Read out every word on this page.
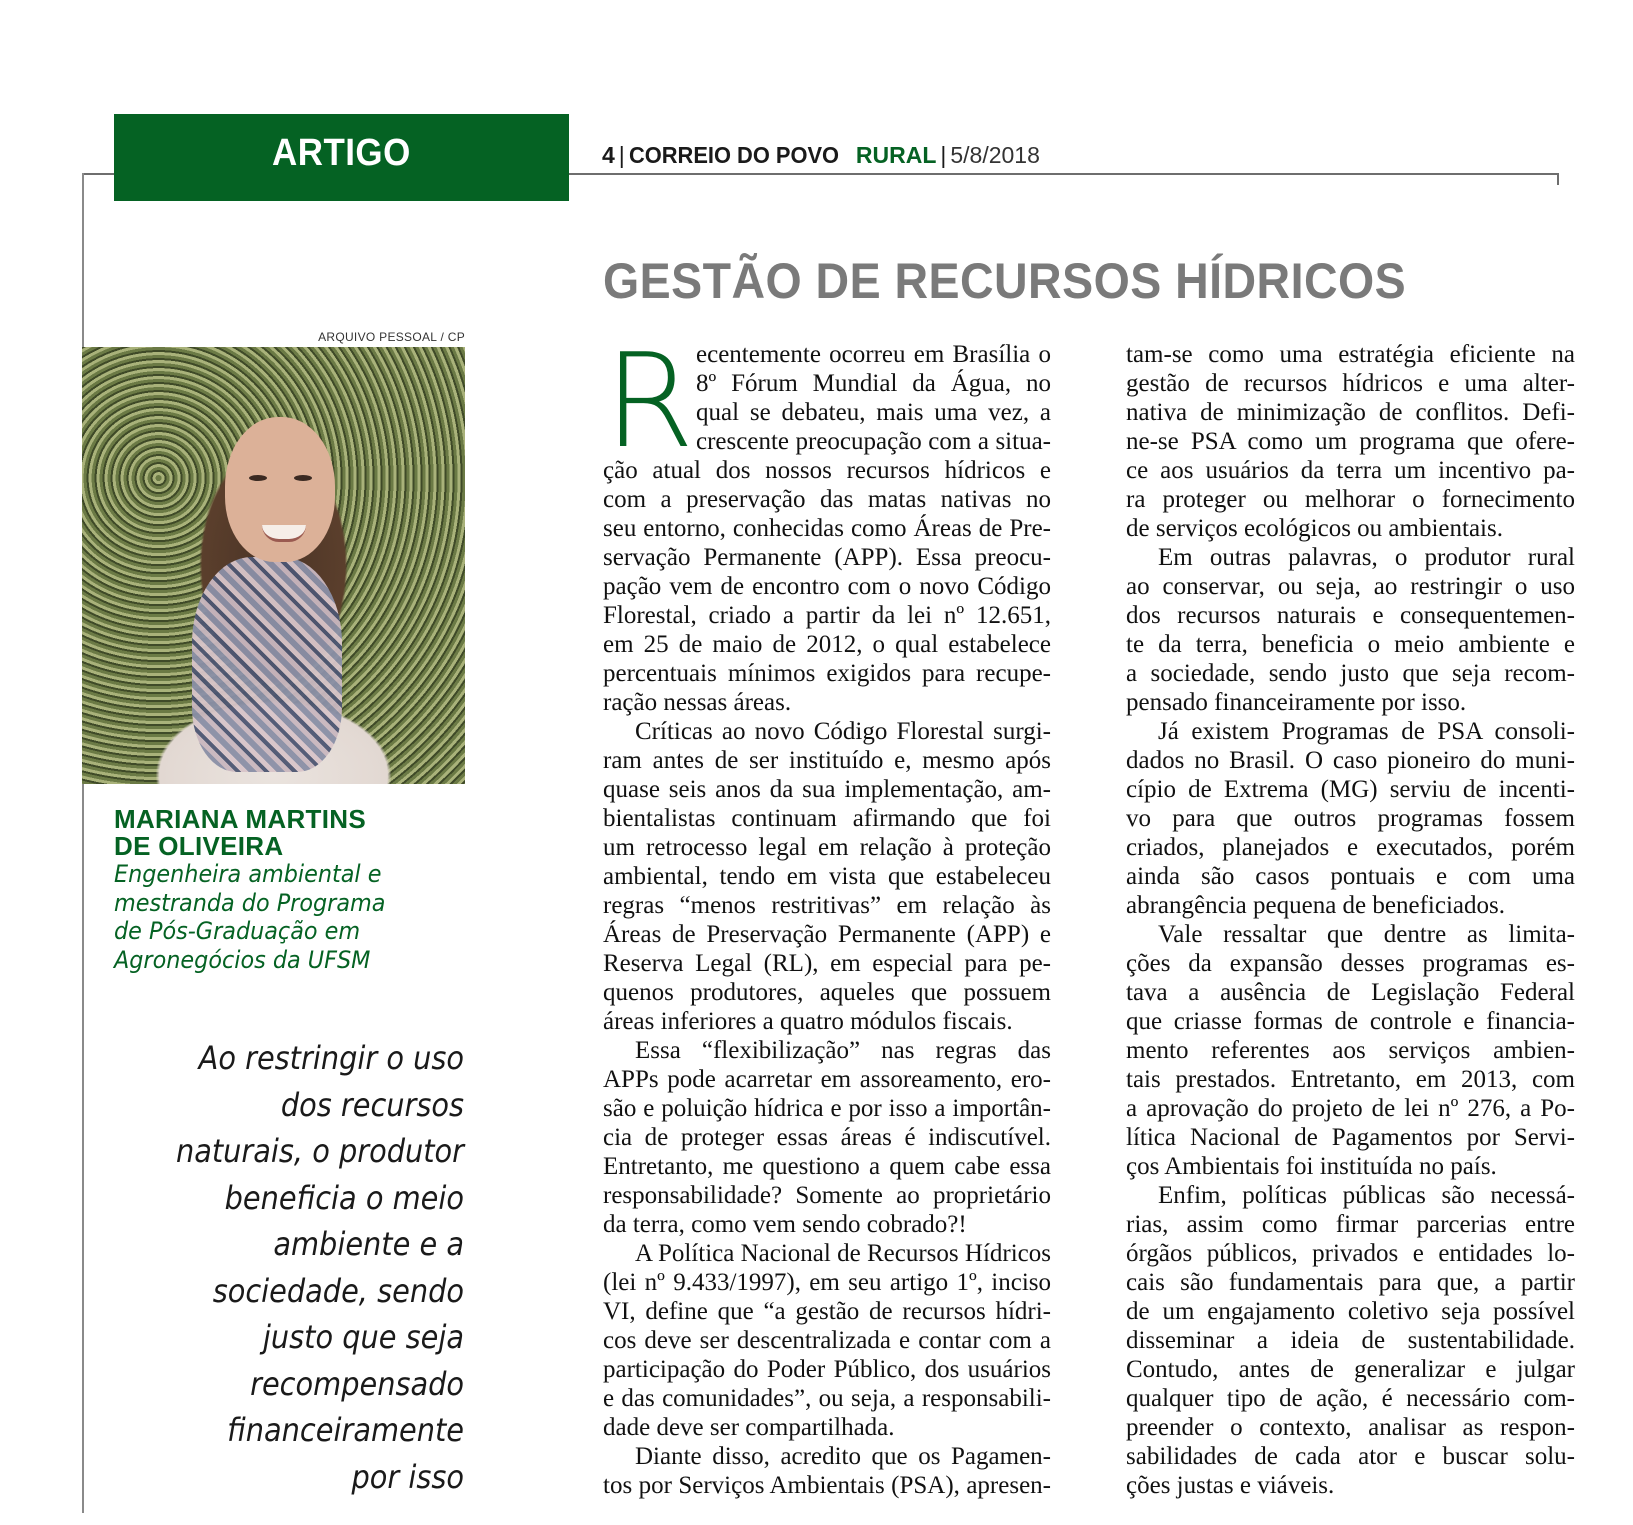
ARTIGO	4 | CORREIO DO POVO RURAL | 5/8/2018
GESTÃO DE RECURSOS HÍDRICOS
ARQUIVO PESSOAL / CP
MARIANA MARTINS
DE OLIVEIRA
Engenheira ambiental e
mestranda do Programa
de Pós-Graduação em
Agronegócios da UFSM
Ao restringir o uso
dos recursos
naturais, o produtor
beneficia o meio
ambiente e a
sociedade, sendo
justo que seja
recompensado
financeiramente
por isso
R ecentemente ocorreu em Brasília o
8º Fórum Mundial da Água, no
qual se debateu, mais uma vez, a
crescente preocupação com a situa-
ção atual dos nossos recursos hídricos e
com a preservação das matas nativas no
seu entorno, conhecidas como Áreas de Pre-
servação Permanente (APP). Essa preocu-
pação vem de encontro com o novo Código
Florestal, criado a partir da lei nº 12.651,
em 25 de maio de 2012, o qual estabelece
percentuais mínimos exigidos para recupe-
ração nessas áreas.
Críticas ao novo Código Florestal surgi-
ram antes de ser instituído e, mesmo após
quase seis anos da sua implementação, am-
bientalistas continuam afirmando que foi
um retrocesso legal em relação à proteção
ambiental, tendo em vista que estabeleceu
regras “menos restritivas” em relação às
Áreas de Preservação Permanente (APP) e
Reserva Legal (RL), em especial para pe-
quenos produtores, aqueles que possuem
áreas inferiores a quatro módulos fiscais.
Essa “flexibilização” nas regras das
APPs pode acarretar em assoreamento, ero-
são e poluição hídrica e por isso a importân-
cia de proteger essas áreas é indiscutível.
Entretanto, me questiono a quem cabe essa
responsabilidade? Somente ao proprietário
da terra, como vem sendo cobrado?!
A Política Nacional de Recursos Hídricos
(lei nº 9.433/1997), em seu artigo 1º, inciso
VI, define que “a gestão de recursos hídri-
cos deve ser descentralizada e contar com a
participação do Poder Público, dos usuários
e das comunidades”, ou seja, a responsabili-
dade deve ser compartilhada.
Diante disso, acredito que os Pagamen-
tos por Serviços Ambientais (PSA), apresen-
tam-se como uma estratégia eficiente na
gestão de recursos hídricos e uma alter-
nativa de minimização de conflitos. Defi-
ne-se PSA como um programa que ofere-
ce aos usuários da terra um incentivo pa-
ra proteger ou melhorar o fornecimento
de serviços ecológicos ou ambientais.
Em outras palavras, o produtor rural
ao conservar, ou seja, ao restringir o uso
dos recursos naturais e consequentemen-
te da terra, beneficia o meio ambiente e
a sociedade, sendo justo que seja recom-
pensado financeiramente por isso.
Já existem Programas de PSA consoli-
dados no Brasil. O caso pioneiro do muni-
cípio de Extrema (MG) serviu de incenti-
vo para que outros programas fossem
criados, planejados e executados, porém
ainda são casos pontuais e com uma
abrangência pequena de beneficiados.
Vale ressaltar que dentre as limita-
ções da expansão desses programas es-
tava a ausência de Legislação Federal
que criasse formas de controle e financia-
mento referentes aos serviços ambien-
tais prestados. Entretanto, em 2013, com
a aprovação do projeto de lei nº 276, a Po-
lítica Nacional de Pagamentos por Servi-
ços Ambientais foi instituída no país.
Enfim, políticas públicas são necessá-
rias, assim como firmar parcerias entre
órgãos públicos, privados e entidades lo-
cais são fundamentais para que, a partir
de um engajamento coletivo seja possível
disseminar a ideia de sustentabilidade.
Contudo, antes de generalizar e julgar
qualquer tipo de ação, é necessário com-
preender o contexto, analisar as respon-
sabilidades de cada ator e buscar solu-
ções justas e viáveis.
